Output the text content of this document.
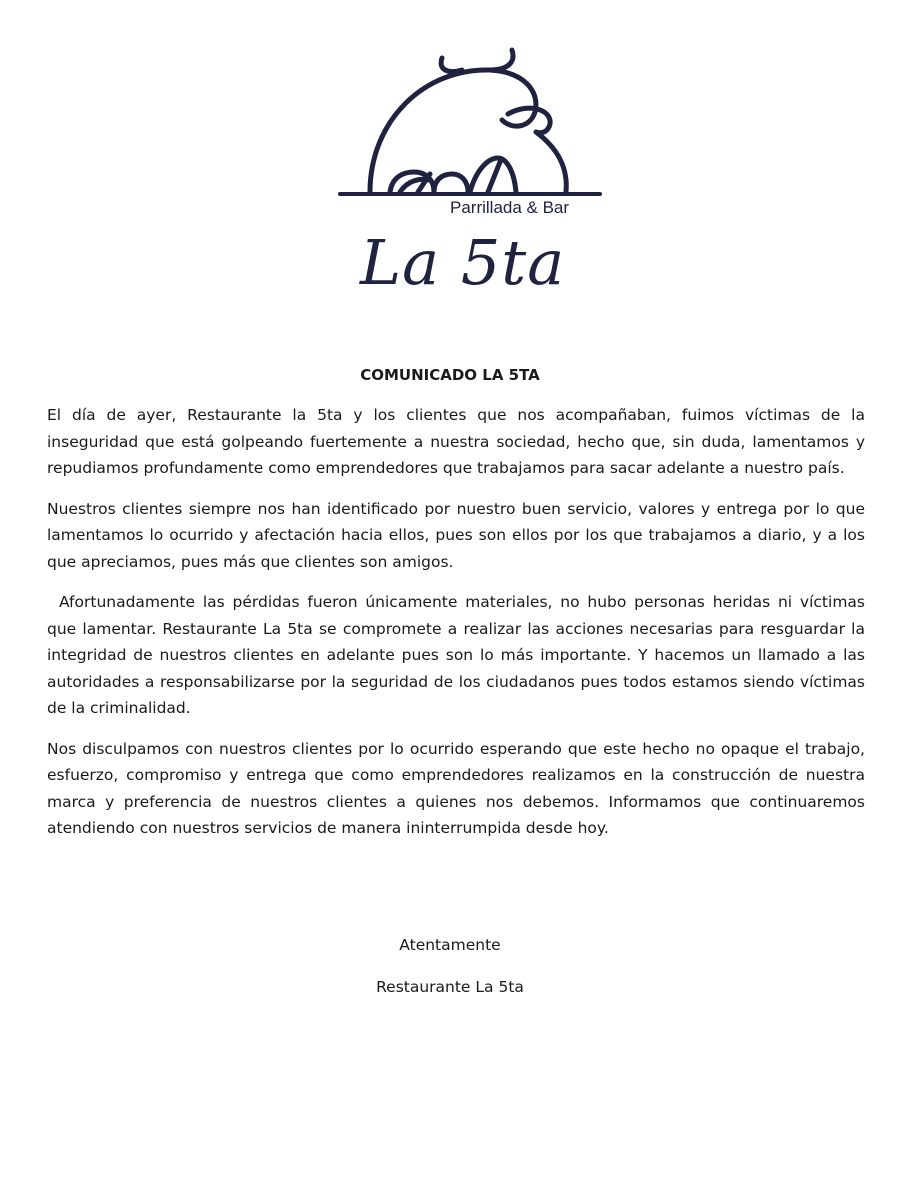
Parrillada & Bar
La 5ta
COMUNICADO LA 5TA

El día de ayer, Restaurante la 5ta y los clientes que nos acompañaban, fuimos víctimas de la inseguridad que está golpeando fuertemente a nuestra sociedad, hecho que, sin duda, lamentamos y repudiamos profundamente como emprendedores que trabajamos para sacar adelante a nuestro país.

Nuestros clientes siempre nos han identificado por nuestro buen servicio, valores y entrega por lo que lamentamos lo ocurrido y afectación hacia ellos, pues son ellos por los que trabajamos a diario, y a los que apreciamos, pues más que clientes son amigos.

Afortunadamente las pérdidas fueron únicamente materiales, no hubo personas heridas ni víctimas que lamentar. Restaurante La 5ta se compromete a realizar las acciones necesarias para resguardar la integridad de nuestros clientes en adelante pues son lo más importante. Y hacemos un llamado a las autoridades a responsabilizarse por la seguridad de los ciudadanos pues todos estamos siendo víctimas de la criminalidad.

Nos disculpamos con nuestros clientes por lo ocurrido esperando que este hecho no opaque el trabajo, esfuerzo, compromiso y entrega que como emprendedores realizamos en la construcción de nuestra marca y preferencia de nuestros clientes a quienes nos debemos. Informamos que continuaremos atendiendo con nuestros servicios de manera ininterrumpida desde hoy.

Atentamente
Restaurante La 5ta
